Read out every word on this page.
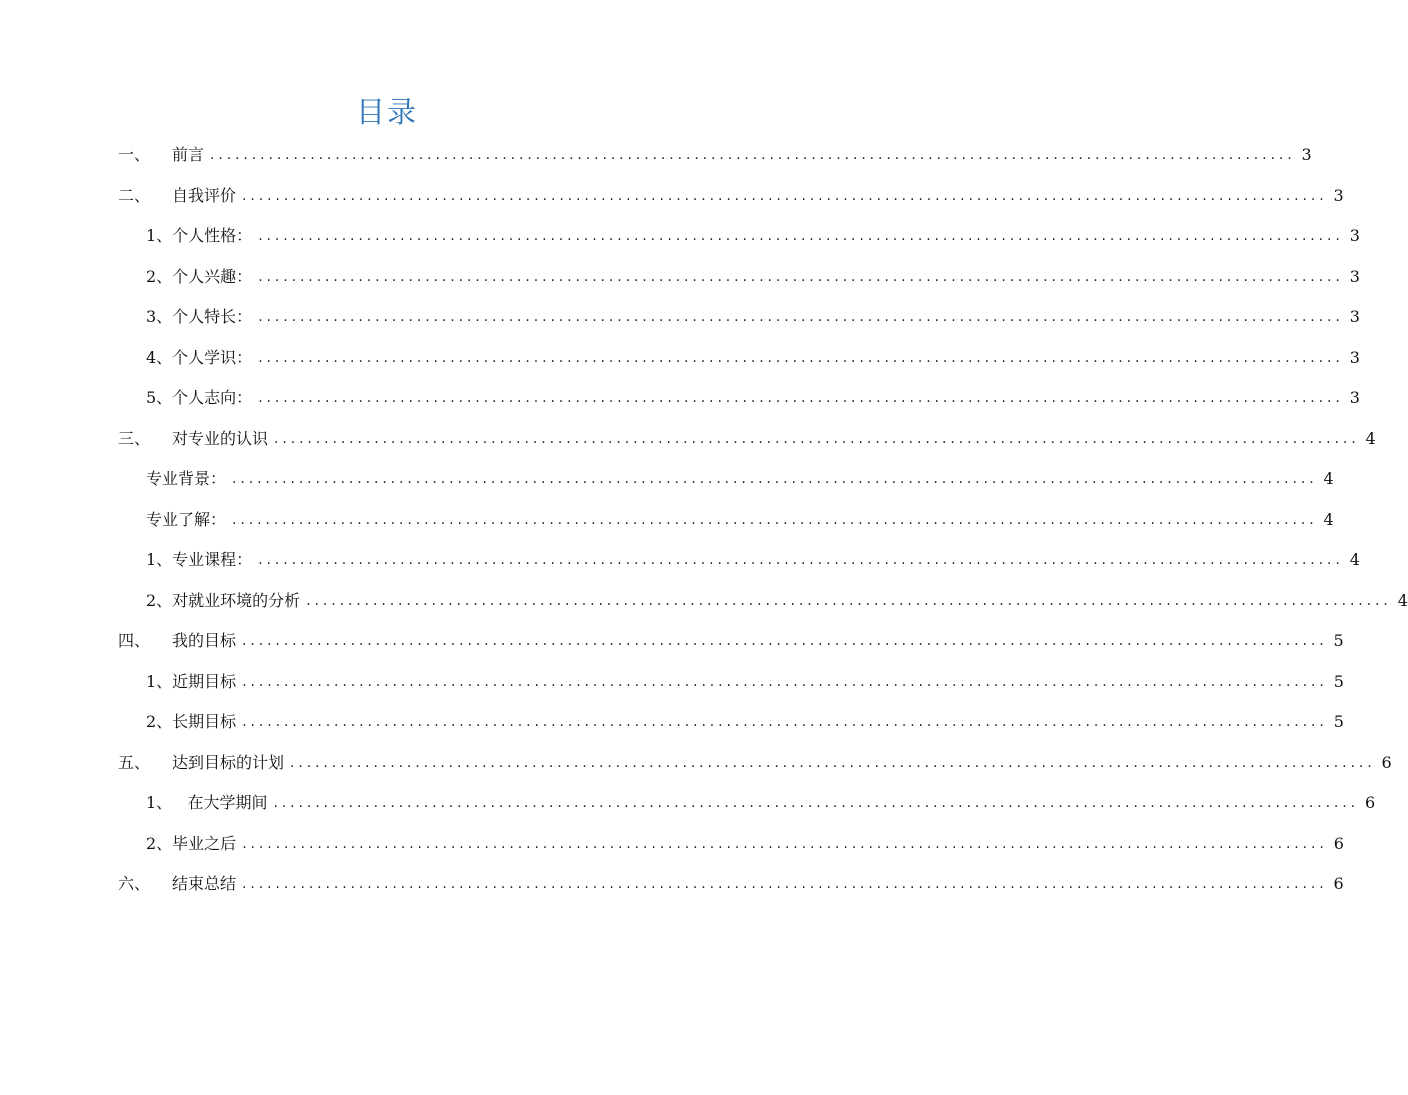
目录
一、	前言 .................................................................................................................................. 3
二、	自我评价 .................................................................................................................................. 3
1、个人性格： .................................................................................................................................. 3
2、个人兴趣： .................................................................................................................................. 3
3、个人特长： .................................................................................................................................. 3
4、个人学识： .................................................................................................................................. 3
5、个人志向： .................................................................................................................................. 3
三、	对专业的认识 .................................................................................................................................. 4
专业背景： .................................................................................................................................. 4
专业了解： .................................................................................................................................. 4
1、专业课程： .................................................................................................................................. 4
2、对就业环境的分析 .................................................................................................................................. 4
四、	我的目标 .................................................................................................................................. 5
1、近期目标 .................................................................................................................................. 5
2、长期目标 .................................................................................................................................. 5
五、	达到目标的计划 .................................................................................................................................. 6
1、   在大学期间 .................................................................................................................................. 6
2、毕业之后 .................................................................................................................................. 6
六、	结束总结 .................................................................................................................................. 6
